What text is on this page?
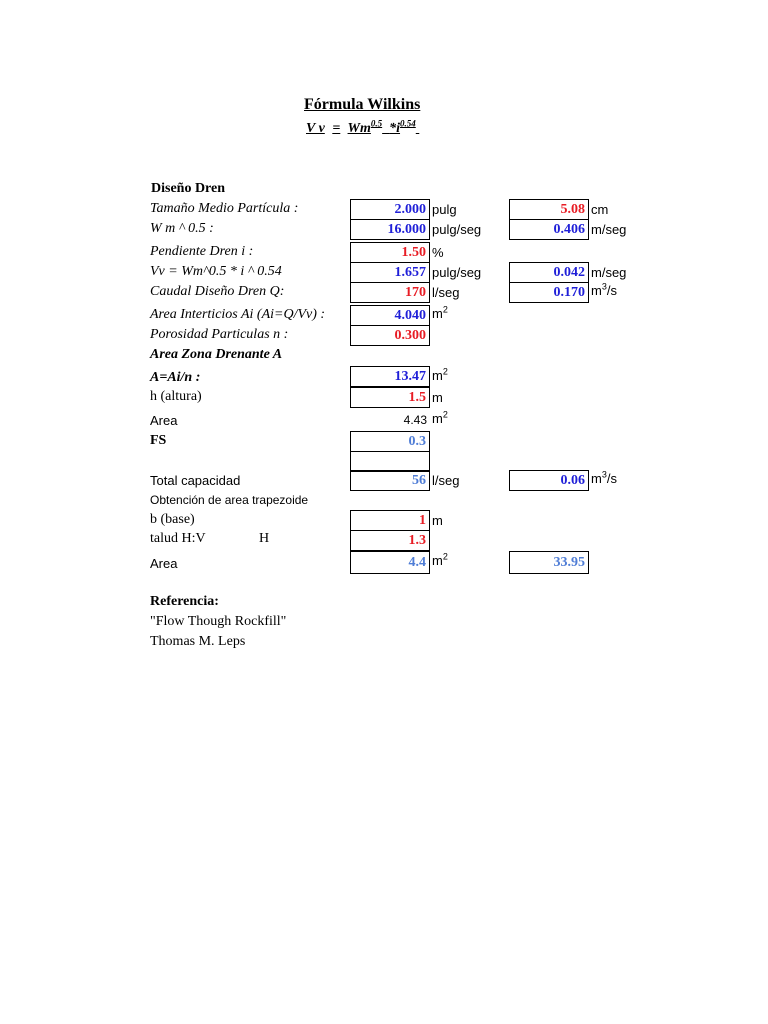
Fórmula Wilkins
V $v = Wm^{0.5}$ $*i^{0.54}$
Diseño Dren
Tamaño Medio Partícula :	2.000 pulg	5.08 cm
W m ^ 0.5 :	16.000 pulg/seg	0.406 m/seg
Pendiente Dren i :	1.50 %
Vv = Wm^0.5 * i ^ 0.54	1.657 pulg/seg	0.042 m/seg
Caudal Diseño Dren Q:	170 l/seg	0.170 $m^3/s$
Area Interticios Ai (Ai=Q/Vv) :	4.040 $m^2$
Porosidad Particulas n :	0.300
Area Zona Drenante A
A=Ai/n :	13.47 $m^2$
h (altura)	1.5 m
Area	4.43 $m^2$
FS	0.3
Total capacidad	56 l/seg	0.06 $m^3/s$
Obtención de area trapezoide
b (base)	1 m
talud H:V	H	1.3
Area	4.4 $m^2$	33.95
Referencia:
"Flow Though Rockfill"
Thomas M. Leps
